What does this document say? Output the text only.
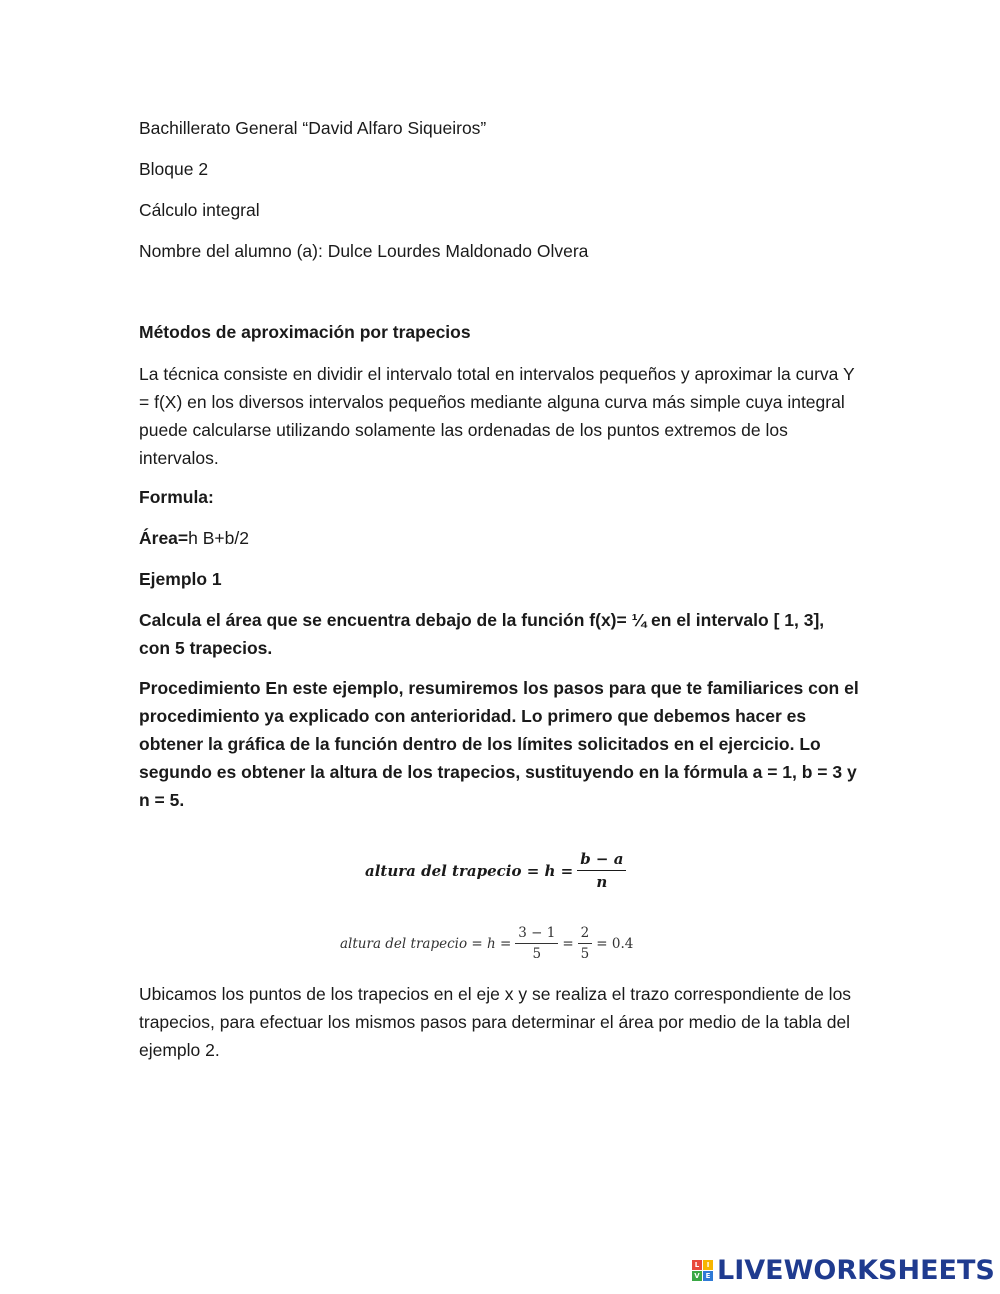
Bachillerato General “David Alfaro Siqueiros”
Bloque 2
Cálculo integral
Nombre del alumno (a): Dulce Lourdes Maldonado Olvera
Métodos de aproximación por trapecios
La técnica consiste en dividir el intervalo total en intervalos pequeños y aproximar la curva Y = f(X) en los diversos intervalos pequeños mediante alguna curva más simple cuya integral puede calcularse utilizando solamente las ordenadas de los puntos extremos de los intervalos.
Formula:
Área=h B+b/2
Ejemplo 1
Calcula el área que se encuentra debajo de la función f(x)= ¼ en el intervalo [ 1, 3], con 5 trapecios.
Procedimiento En este ejemplo, resumiremos los pasos para que te familiarices con el procedimiento ya explicado con anterioridad. Lo primero que debemos hacer es obtener la gráfica de la función dentro de los límites solicitados en el ejercicio. Lo segundo es obtener la altura de los trapecios, sustituyendo en la fórmula a = 1, b = 3 y n = 5.
Ubicamos los puntos de los trapecios en el eje x y se realiza el trazo correspondiente de los trapecios, para efectuar los mismos pasos para determinar el área por medio de la tabla del ejemplo 2.
altura del trapecio = $h = \frac{b - a}{n}$
altura del trapecio = $h = \frac{3 - 1}{5} = \frac{2}{5} = 0.4$
L	I
V E LIVEWORKSHEETS
